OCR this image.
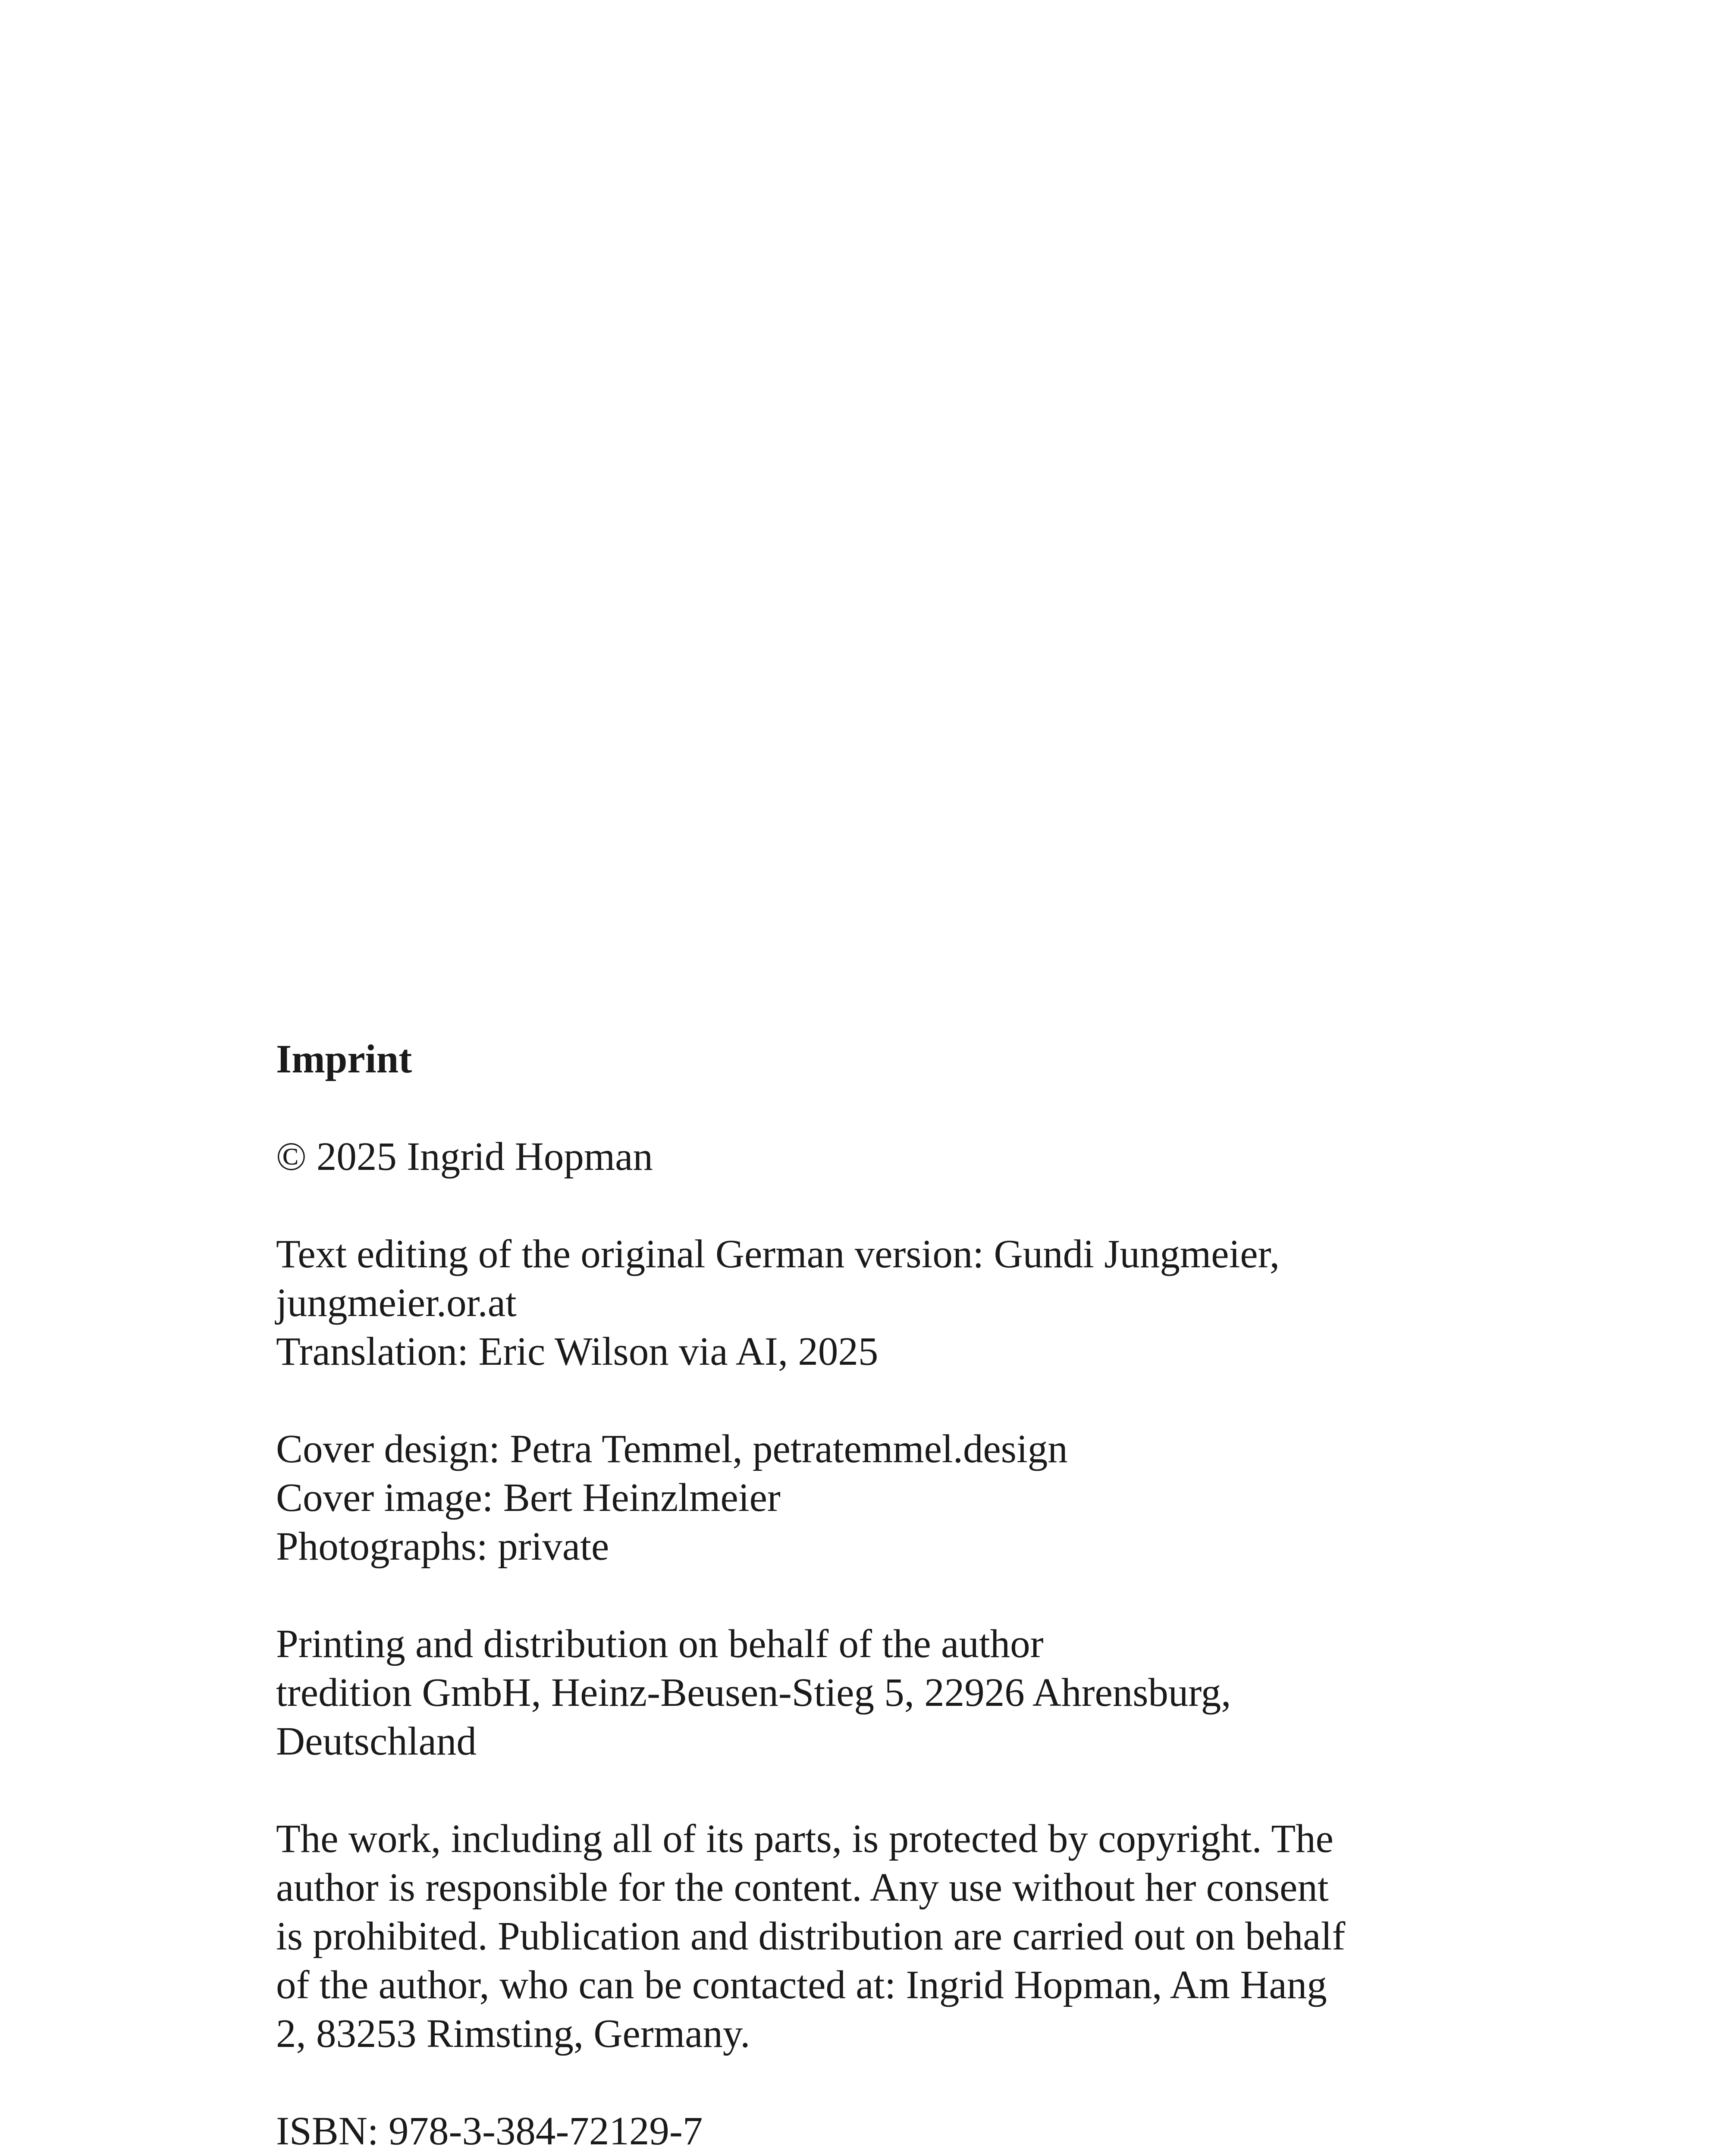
Imprint
© 2025 Ingrid Hopman
Text editing of the original German version: Gundi Jungmeier,
jungmeier.or.at
Translation: Eric Wilson via AI, 2025
Cover design: Petra Temmel, petratemmel.design
Cover image: Bert Heinzlmeier
Photographs: private
Printing and distribution on behalf of the author
tredition GmbH, Heinz-Beusen-Stieg 5, 22926 Ahrensburg,
Deutschland
The work, including all of its parts, is protected by copyright. The
author is responsible for the content. Any use without her consent
is prohibited. Publication and distribution are carried out on behalf
of the author, who can be contacted at: Ingrid Hopman, Am Hang
2, 83253 Rimsting, Germany.
ISBN: 978-3-384-72129-7
